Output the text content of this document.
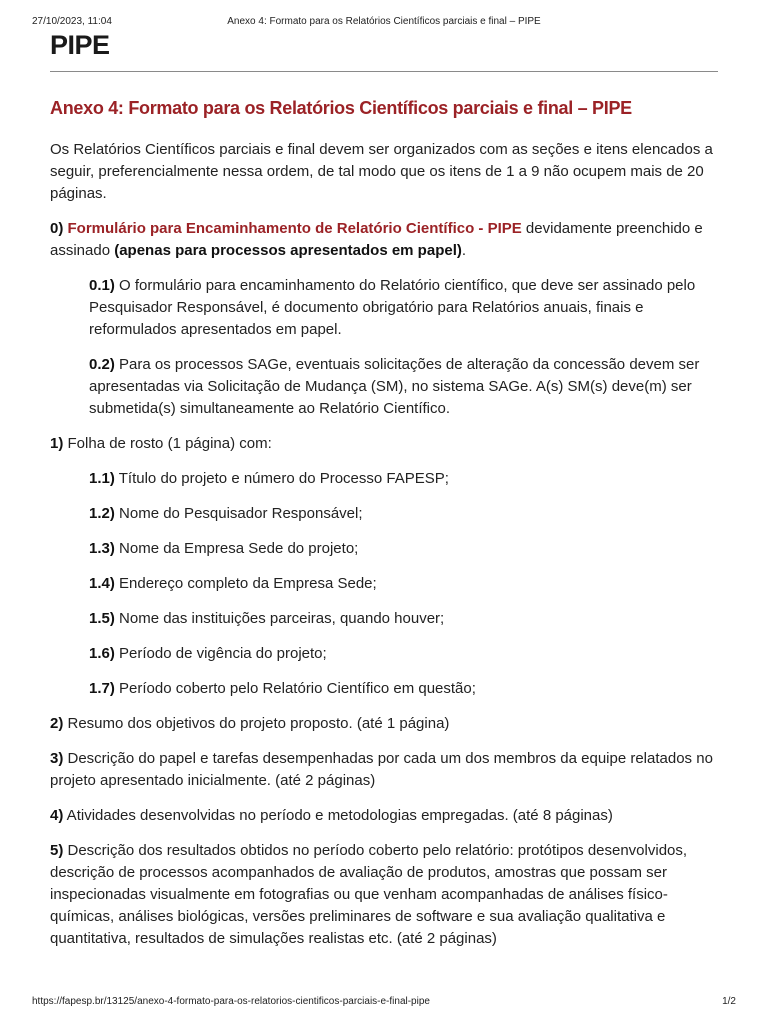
27/10/2023, 11:04	Anexo 4: Formato para os Relatórios Científicos parciais e final – PIPE
PIPE
Anexo 4: Formato para os Relatórios Científicos parciais e final – PIPE

Os Relatórios Científicos parciais e final devem ser organizados com as seções e itens elencados a seguir, preferencialmente nessa ordem, de tal modo que os itens de 1 a 9 não ocupem mais de 20 páginas.

0) Formulário para Encaminhamento de Relatório Científico - PIPE devidamente preenchido e assinado (apenas para processos apresentados em papel).

0.1) O formulário para encaminhamento do Relatório científico, que deve ser assinado pelo Pesquisador Responsável, é documento obrigatório para Relatórios anuais, finais e reformulados apresentados em papel.

0.2) Para os processos SAGe, eventuais solicitações de alteração da concessão devem ser apresentadas via Solicitação de Mudança (SM), no sistema SAGe. A(s) SM(s) deve(m) ser submetida(s) simultaneamente ao Relatório Científico.

1) Folha de rosto (1 página) com:

1.1) Título do projeto e número do Processo FAPESP;

1.2) Nome do Pesquisador Responsável;

1.3) Nome da Empresa Sede do projeto;

1.4) Endereço completo da Empresa Sede;

1.5) Nome das instituições parceiras, quando houver;

1.6) Período de vigência do projeto;

1.7) Período coberto pelo Relatório Científico em questão;

2) Resumo dos objetivos do projeto proposto. (até 1 página)

3) Descrição do papel e tarefas desempenhadas por cada um dos membros da equipe relatados no projeto apresentado inicialmente. (até 2 páginas)

4) Atividades desenvolvidas no período e metodologias empregadas. (até 8 páginas)

5) Descrição dos resultados obtidos no período coberto pelo relatório: protótipos desenvolvidos, descrição de processos acompanhados de avaliação de produtos, amostras que possam ser inspecionadas visualmente em fotografias ou que venham acompanhadas de análises físico-químicas, análises biológicas, versões preliminares de software e sua avaliação qualitativa e quantitativa, resultados de simulações realistas etc. (até 2 páginas)

https://fapesp.br/13125/anexo-4-formato-para-os-relatorios-cientificos-parciais-e-final-pipe	1/2
